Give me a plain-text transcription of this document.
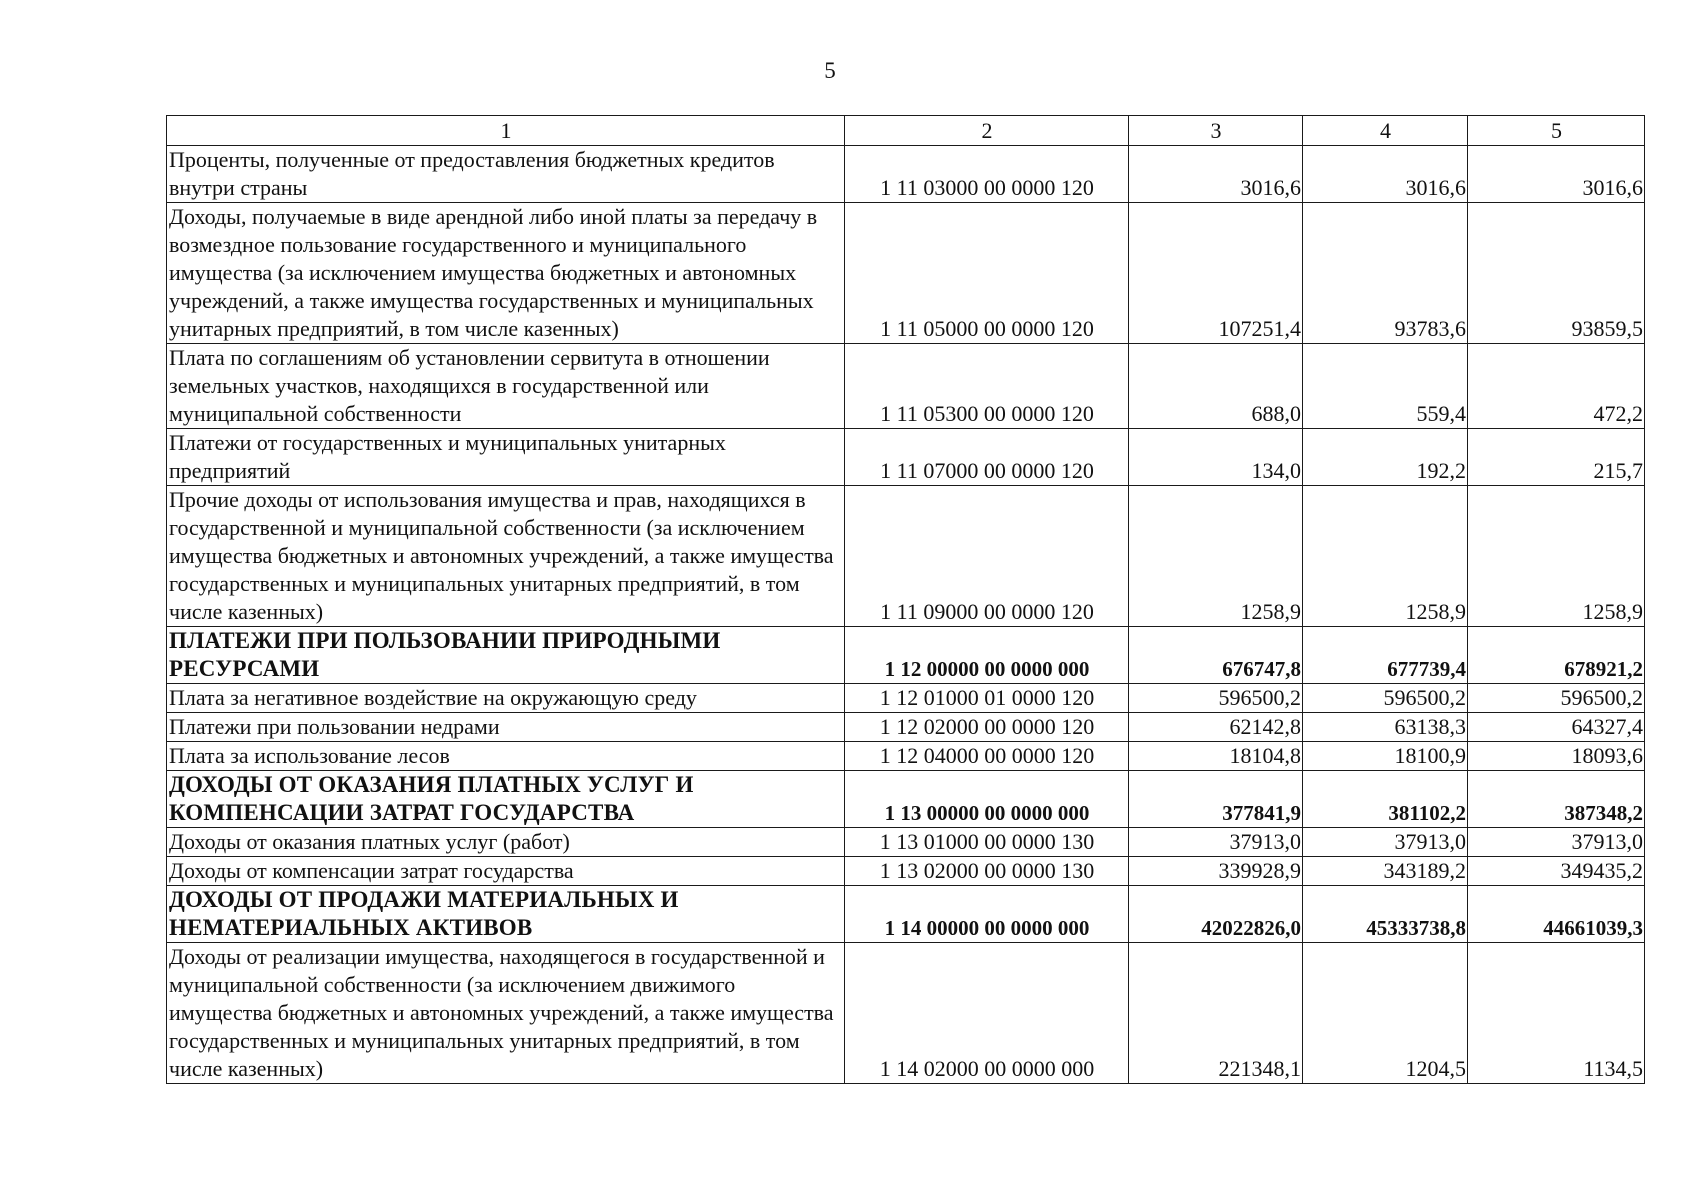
5
1	2	3	4	5
Проценты, полученные от предоставления бюджетных кредитов внутри страны	1 11 03000 00 0000 120	3016,6	3016,6	3016,6
Доходы, получаемые в виде арендной либо иной платы за передачу в возмездное пользование государственного и муниципального имущества (за исключением имущества бюджетных и автономных учреждений, а также имущества государственных и муниципальных унитарных предприятий, в том числе казенных)	1 11 05000 00 0000 120	107251,4	93783,6	93859,5
Плата по соглашениям об установлении сервитута в отношении земельных участков, находящихся в государственной или муниципальной собственности	1 11 05300 00 0000 120	688,0	559,4	472,2
Платежи от государственных и муниципальных унитарных предприятий	1 11 07000 00 0000 120	134,0	192,2	215,7
Прочие доходы от использования имущества и прав, находящихся в государственной и муниципальной собственности (за исключением имущества бюджетных и автономных учреждений, а также имущества государственных и муниципальных унитарных предприятий, в том числе казенных)	1 11 09000 00 0000 120	1258,9	1258,9	1258,9
ПЛАТЕЖИ ПРИ ПОЛЬЗОВАНИИ ПРИРОДНЫМИ РЕСУРСАМИ	1 12 00000 00 0000 000	676747,8	677739,4	678921,2
Плата за негативное воздействие на окружающую среду	1 12 01000 01 0000 120	596500,2	596500,2	596500,2
Платежи при пользовании недрами	1 12 02000 00 0000 120	62142,8	63138,3	64327,4
Плата за использование лесов	1 12 04000 00 0000 120	18104,8	18100,9	18093,6
ДОХОДЫ ОТ ОКАЗАНИЯ ПЛАТНЫХ УСЛУГ И КОМПЕНСАЦИИ ЗАТРАТ ГОСУДАРСТВА	1 13 00000 00 0000 000	377841,9	381102,2	387348,2
Доходы от оказания платных услуг (работ)	1 13 01000 00 0000 130	37913,0	37913,0	37913,0
Доходы от компенсации затрат государства	1 13 02000 00 0000 130	339928,9	343189,2	349435,2
ДОХОДЫ ОТ ПРОДАЖИ МАТЕРИАЛЬНЫХ И НЕМАТЕРИАЛЬНЫХ АКТИВОВ	1 14 00000 00 0000 000	42022826,0	45333738,8	44661039,3
Доходы от реализации имущества, находящегося в государственной и муниципальной собственности (за исключением движимого имущества бюджетных и автономных учреждений, а также имущества государственных и муниципальных унитарных предприятий, в том числе казенных)	1 14 02000 00 0000 000	221348,1	1204,5	1134,5
